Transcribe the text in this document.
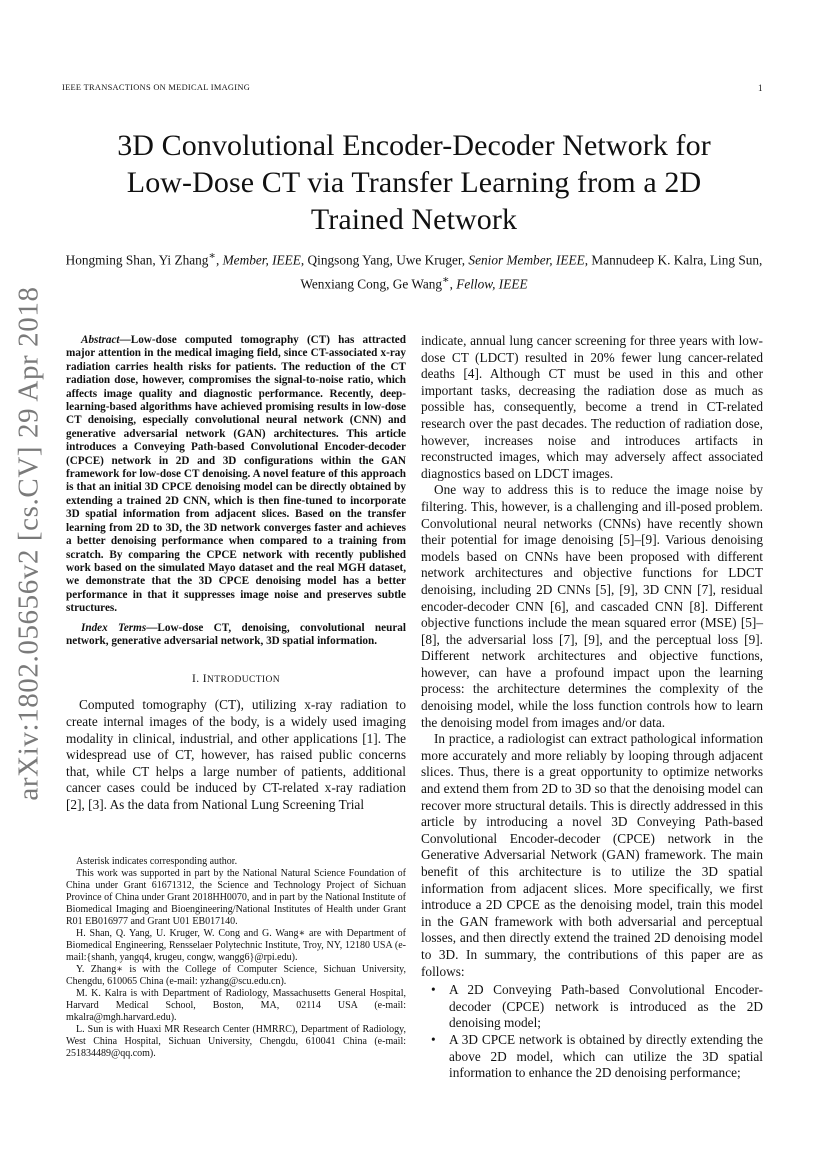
IEEE TRANSACTIONS ON MEDICAL IMAGING	1
3D Convolutional Encoder-Decoder Network for
Low-Dose CT via Transfer Learning from a 2D
Trained Network
Hongming Shan, Yi Zhang∗, Member, IEEE, Qingsong Yang, Uwe Kruger, Senior Member, IEEE, Mannudeep K. Kalra, Ling Sun, Wenxiang Cong, Ge Wang∗, Fellow, IEEE
arXiv:1802.05656v2 [cs.CV] 29 Apr 2018	Abstract—Low-dose computed tomography (CT) has attracted major attention in the medical imaging field, since CT-associated x-ray radiation carries health risks for patients. The reduction of the CT radiation dose, however, compromises the signal-to-noise ratio, which affects image quality and diagnostic performance. Recently, deep-learning-based algorithms have achieved promising results in low-dose CT denoising, especially convolutional neural network (CNN) and generative adversarial network (GAN) architectures. This article introduces a Conveying Path-based Convolutional Encoder-decoder (CPCE) network in 2D and 3D configurations within the GAN framework for low-dose CT denoising. A novel feature of this approach is that an initial 3D CPCE denoising model can be directly obtained by extending a trained 2D CNN, which is then fine-tuned to incorporate 3D spatial information from adjacent slices. Based on the transfer learning from 2D to 3D, the 3D network converges faster and achieves a better denoising performance when compared to a training from scratch. By comparing the CPCE network with recently published work based on the simulated Mayo dataset and the real MGH dataset, we demonstrate that the 3D CPCE denoising model has a better performance in that it suppresses image noise and preserves subtle structures.

Index Terms—Low-dose CT, denoising, convolutional neural network, generative adversarial network, 3D spatial information.

I. INTRODUCTION

Computed tomography (CT), utilizing x-ray radiation to create internal images of the body, is a widely used imaging modality in clinical, industrial, and other applications [1]. The widespread use of CT, however, has raised public concerns that, while CT helps a large number of patients, additional cancer cases could be induced by CT-related x-ray radiation [2], [3]. As the data from National Lung Screening Trial

Asterisk indicates corresponding author.

This work was supported in part by the National Natural Science Foundation of China under Grant 61671312, the Science and Technology Project of Sichuan Province of China under Grant 2018HH0070, and in part by the National Institute of Biomedical Imaging and Bioengineering/National Institutes of Health under Grant R01 EB016977 and Grant U01 EB017140.

H. Shan, Q. Yang, U. Kruger, W. Cong and G. Wang∗ are with Department of Biomedical Engineering, Rensselaer Polytechnic Institute, Troy, NY, 12180 USA (e-mail:{shanh, yangq4, krugeu, congw, wangg6}@rpi.edu).

Y. Zhang∗ is with the College of Computer Science, Sichuan University, Chengdu, 610065 China (e-mail: yzhang@scu.edu.cn).

M. K. Kalra is with Department of Radiology, Massachusetts General Hospital, Harvard Medical School, Boston, MA, 02114 USA (e-mail: mkalra@mgh.harvard.edu).

L. Sun is with Huaxi MR Research Center (HMRRC), Department of Radiology, West China Hospital, Sichuan University, Chengdu, 610041 China (e-mail: 251834489@qq.com).

indicate, annual lung cancer screening for three years with low-dose CT (LDCT) resulted in 20% fewer lung cancer-related deaths [4]. Although CT must be used in this and other important tasks, decreasing the radiation dose as much as possible has, consequently, become a trend in CT-related research over the past decades. The reduction of radiation dose, however, increases noise and introduces artifacts in reconstructed images, which may adversely affect associated diagnostics based on LDCT images.

One way to address this is to reduce the image noise by filtering. This, however, is a challenging and ill-posed problem. Convolutional neural networks (CNNs) have recently shown their potential for image denoising [5]–[9]. Various denoising models based on CNNs have been proposed with different network architectures and objective functions for LDCT denoising, including 2D CNNs [5], [9], 3D CNN [7], residual encoder-decoder CNN [6], and cascaded CNN [8]. Different objective functions include the mean squared error (MSE) [5]–[8], the adversarial loss [7], [9], and the perceptual loss [9]. Different network architectures and objective functions, however, can have a profound impact upon the learning process: the architecture determines the complexity of the denoising model, while the loss function controls how to learn the denoising model from images and/or data.

In practice, a radiologist can extract pathological information more accurately and more reliably by looping through adjacent slices. Thus, there is a great opportunity to optimize networks and extend them from 2D to 3D so that the denoising model can recover more structural details. This is directly addressed in this article by introducing a novel 3D Conveying Path-based Convolutional Encoder-decoder (CPCE) network in the Generative Adversarial Network (GAN) framework. The main benefit of this architecture is to utilize the 3D spatial information from adjacent slices. More specifically, we first introduce a 2D CPCE as the denoising model, train this model in the GAN framework with both adversarial and perceptual losses, and then directly extend the trained 2D denoising model to 3D. In summary, the contributions of this paper are as follows:

• A 2D Conveying Path-based Convolutional Encoder-decoder (CPCE) network is introduced as the 2D denoising model;
• A 3D CPCE network is obtained by directly extending the above 2D model, which can utilize the 3D spatial information to enhance the 2D denoising performance;
